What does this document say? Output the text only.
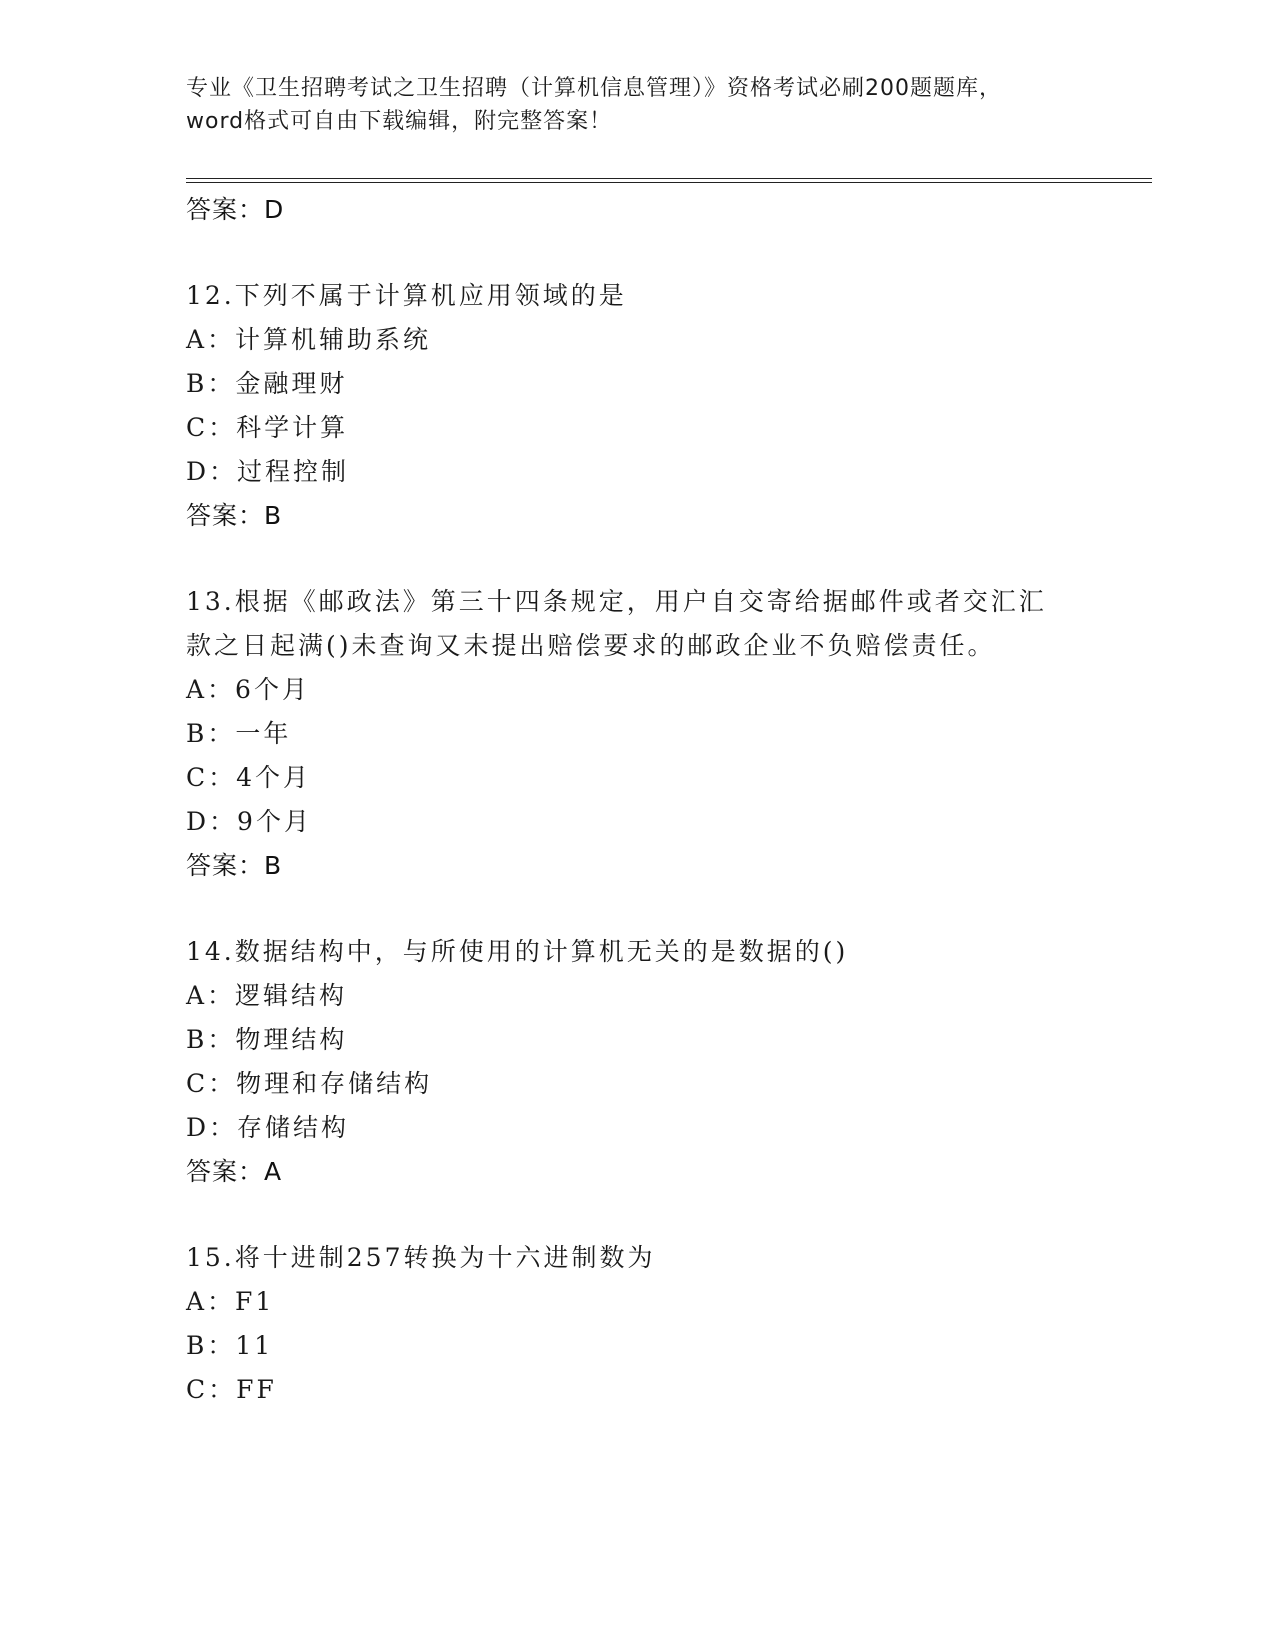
专业《卫生招聘考试之卫生招聘（计算机信息管理）》资格考试必刷200题题库，
word格式可自由下载编辑，附完整答案！
答案：D
12.下列不属于计算机应用领域的是
A：计算机辅助系统
B：金融理财
C：科学计算
D：过程控制
答案：B
13.根据《邮政法》第三十四条规定，用户自交寄给据邮件或者交汇汇
款之日起满()未查询又未提出赔偿要求的邮政企业不负赔偿责任。
A：6个月
B：一年
C：4个月
D：9个月
答案：B
14.数据结构中，与所使用的计算机无关的是数据的()
A：逻辑结构
B：物理结构
C：物理和存储结构
D：存储结构
答案：A
15.将十进制257转换为十六进制数为
A：F1
B：11
C：FF
